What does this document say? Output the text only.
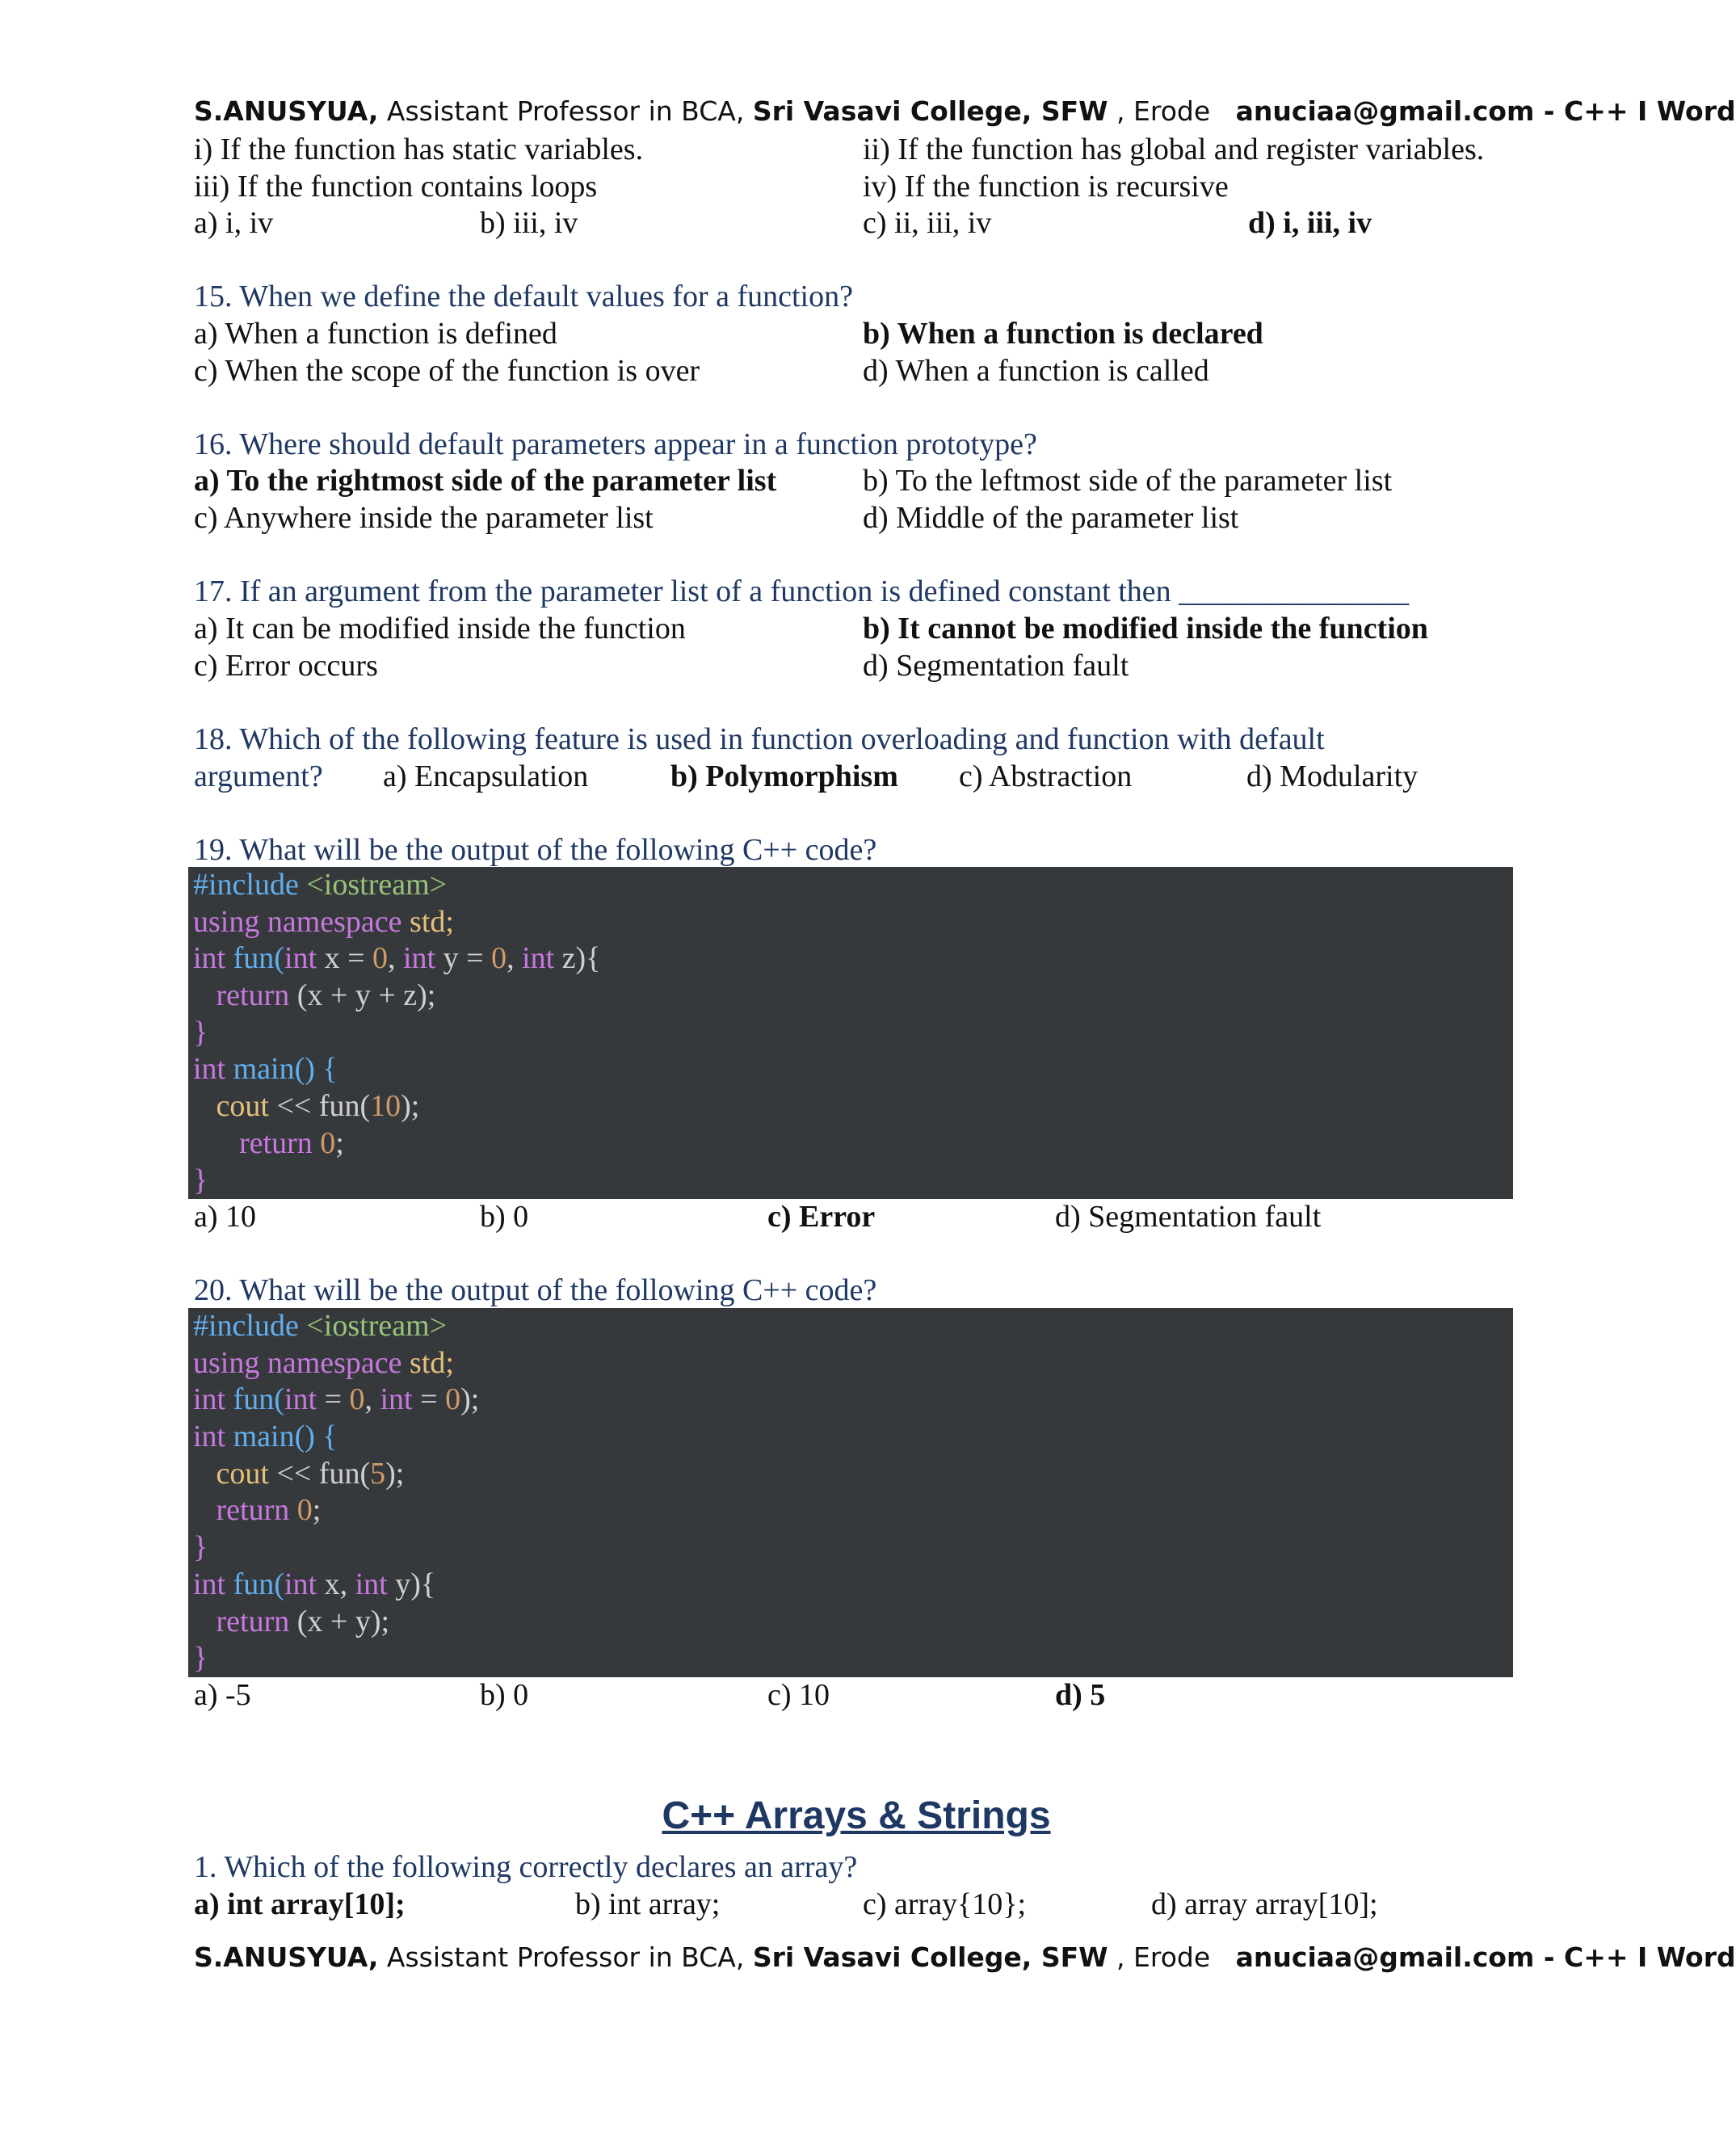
S.ANUSYUA, Assistant Professor in BCA, Sri Vasavi College, SFW , Erode anuciaa@gmail.com - C++ I Word
i) If the function has static variables.	ii) If the function has global and register variables.
iii) If the function contains loops	iv) If the function is recursive
a) i, iv	b) iii, iv	c) ii, iii, iv	d) i, iii, iv
15. When we define the default values for a function?
a) When a function is defined	b) When a function is declared
c) When the scope of the function is over	d) When a function is called
16. Where should default parameters appear in a function prototype?
a) To the rightmost side of the parameter list	b) To the leftmost side of the parameter list
c) Anywhere inside the parameter list	d) Middle of the parameter list
17. If an argument from the parameter list of a function is defined constant then _______________
a) It can be modified inside the function	b) It cannot be modified inside the function
c) Error occurs	d) Segmentation fault
18. Which of the following feature is used in function overloading and function with default
argument? a) Encapsulation	b) Polymorphism c) Abstraction	d) Modularity
19. What will be the output of the following C++ code?
#include <iostream>
using namespace std;
int fun(int x = 0, int y = 0, int z){
return (x + y + z);
}
int main() {
cout << fun(10);
return 0;
}
a) 10	b) 0	c) Error	d) Segmentation fault
20. What will be the output of the following C++ code?
#include <iostream>
using namespace std;
int fun(int = 0, int = 0);
int main() {
cout << fun(5);
return 0;
}
int fun(int x, int y){
return (x + y);
}
a) -5	b) 0	c) 10	d) 5
C++ Arrays & Strings
1. Which of the following correctly declares an array?
a) int array[10];	b) int array;	c) array{10};	d) array array[10];
S.ANUSYUA, Assistant Professor in BCA, Sri Vasavi College, SFW , Erode anuciaa@gmail.com - C++ I Word
